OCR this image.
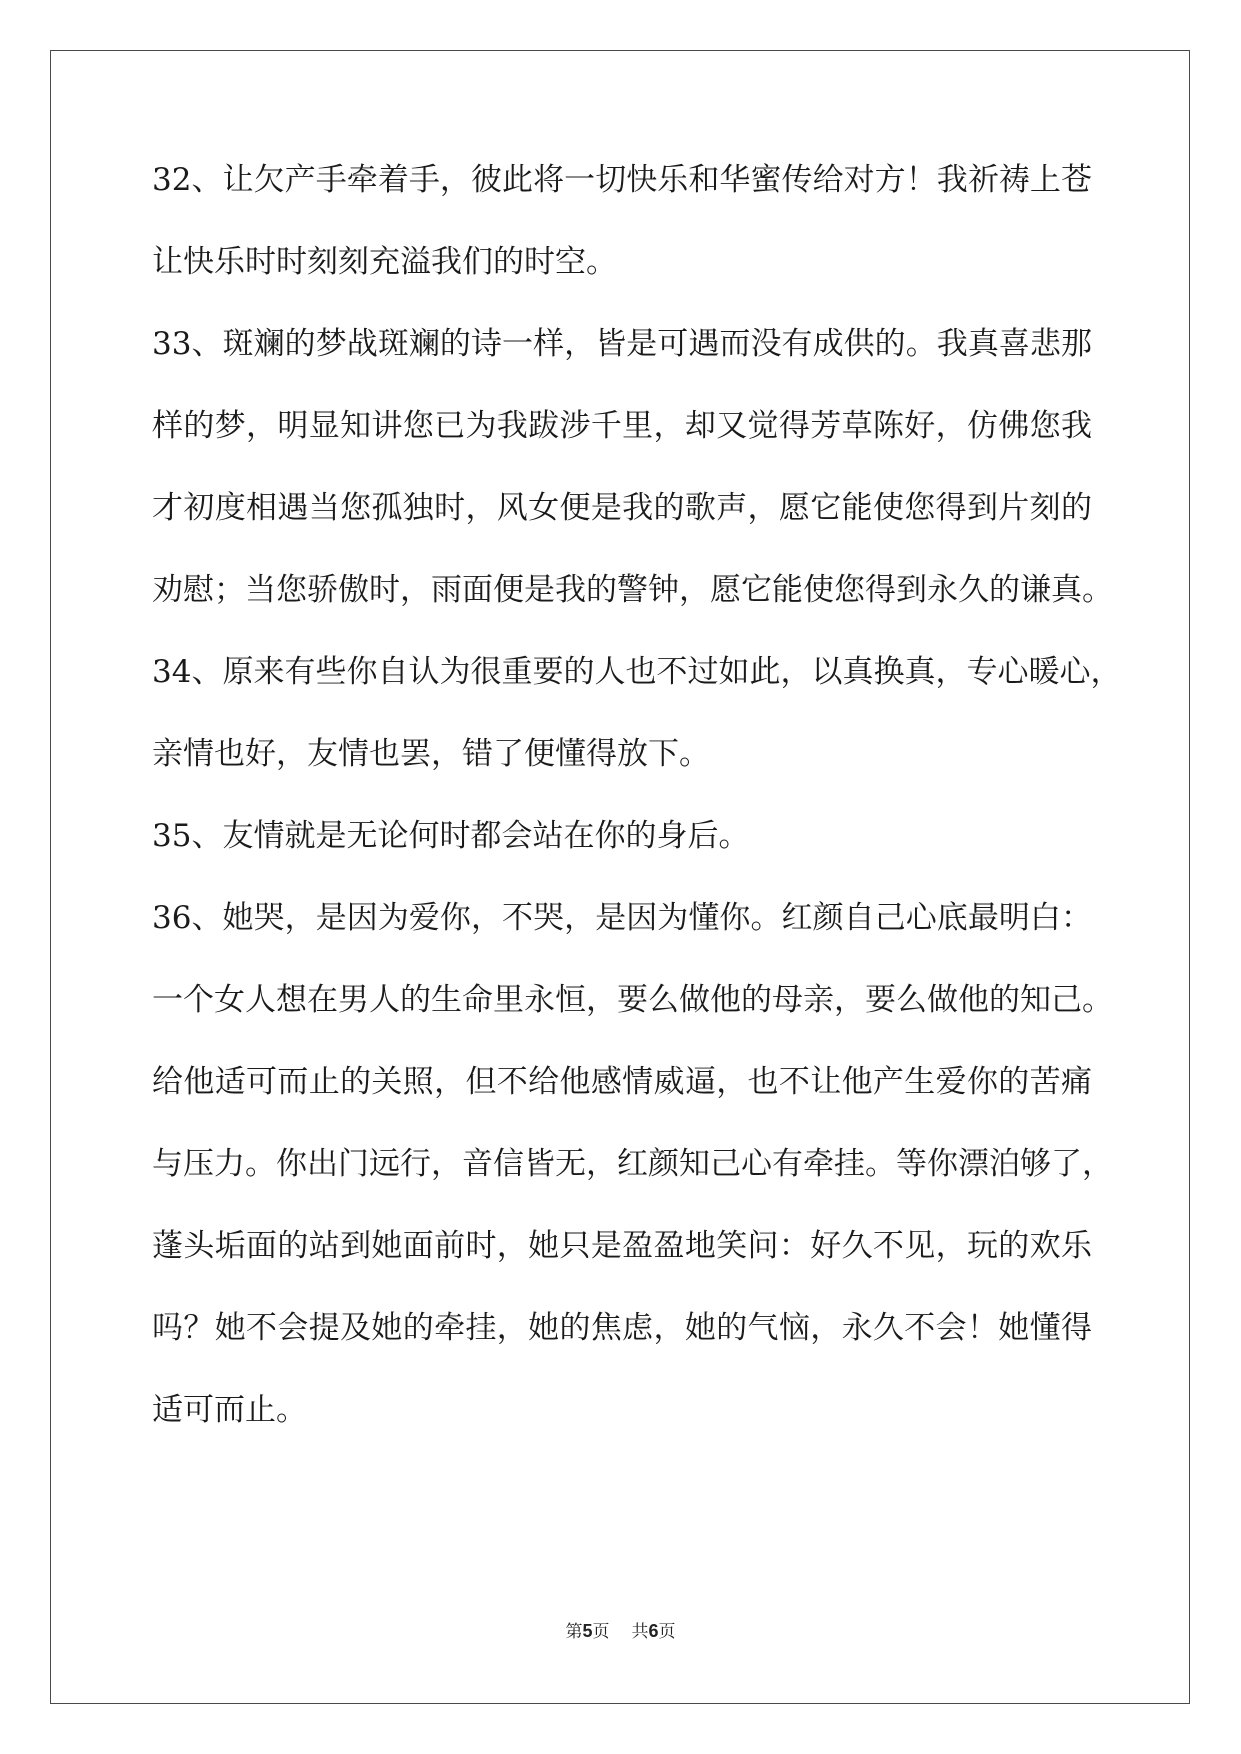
32、让欠产手牵着手，彼此将一切快乐和华蜜传给对方！我祈祷上苍
让快乐时时刻刻充溢我们的时空。
33、斑斓的梦战斑斓的诗一样，皆是可遇而没有成供的。我真喜悲那
样的梦，明显知讲您已为我跋涉千里，却又觉得芳草陈好，仿佛您我
才初度相遇当您孤独时，风女便是我的歌声，愿它能使您得到片刻的
劝慰；当您骄傲时，雨面便是我的警钟，愿它能使您得到永久的谦真。
34、原来有些你自认为很重要的人也不过如此，以真换真，专心暖心，
亲情也好，友情也罢，错了便懂得放下。
35、友情就是无论何时都会站在你的身后。
36、她哭，是因为爱你，不哭，是因为懂你。红颜自己心底最明白：
一个女人想在男人的生命里永恒，要么做他的母亲，要么做他的知己。
给他适可而止的关照，但不给他感情威逼，也不让他产生爱你的苦痛
与压力。你出门远行，音信皆无，红颜知己心有牵挂。等你漂泊够了，
蓬头垢面的站到她面前时，她只是盈盈地笑问：好久不见，玩的欢乐
吗？她不会提及她的牵挂，她的焦虑，她的气恼，永久不会！她懂得
适可而止。
第5页 共6页
